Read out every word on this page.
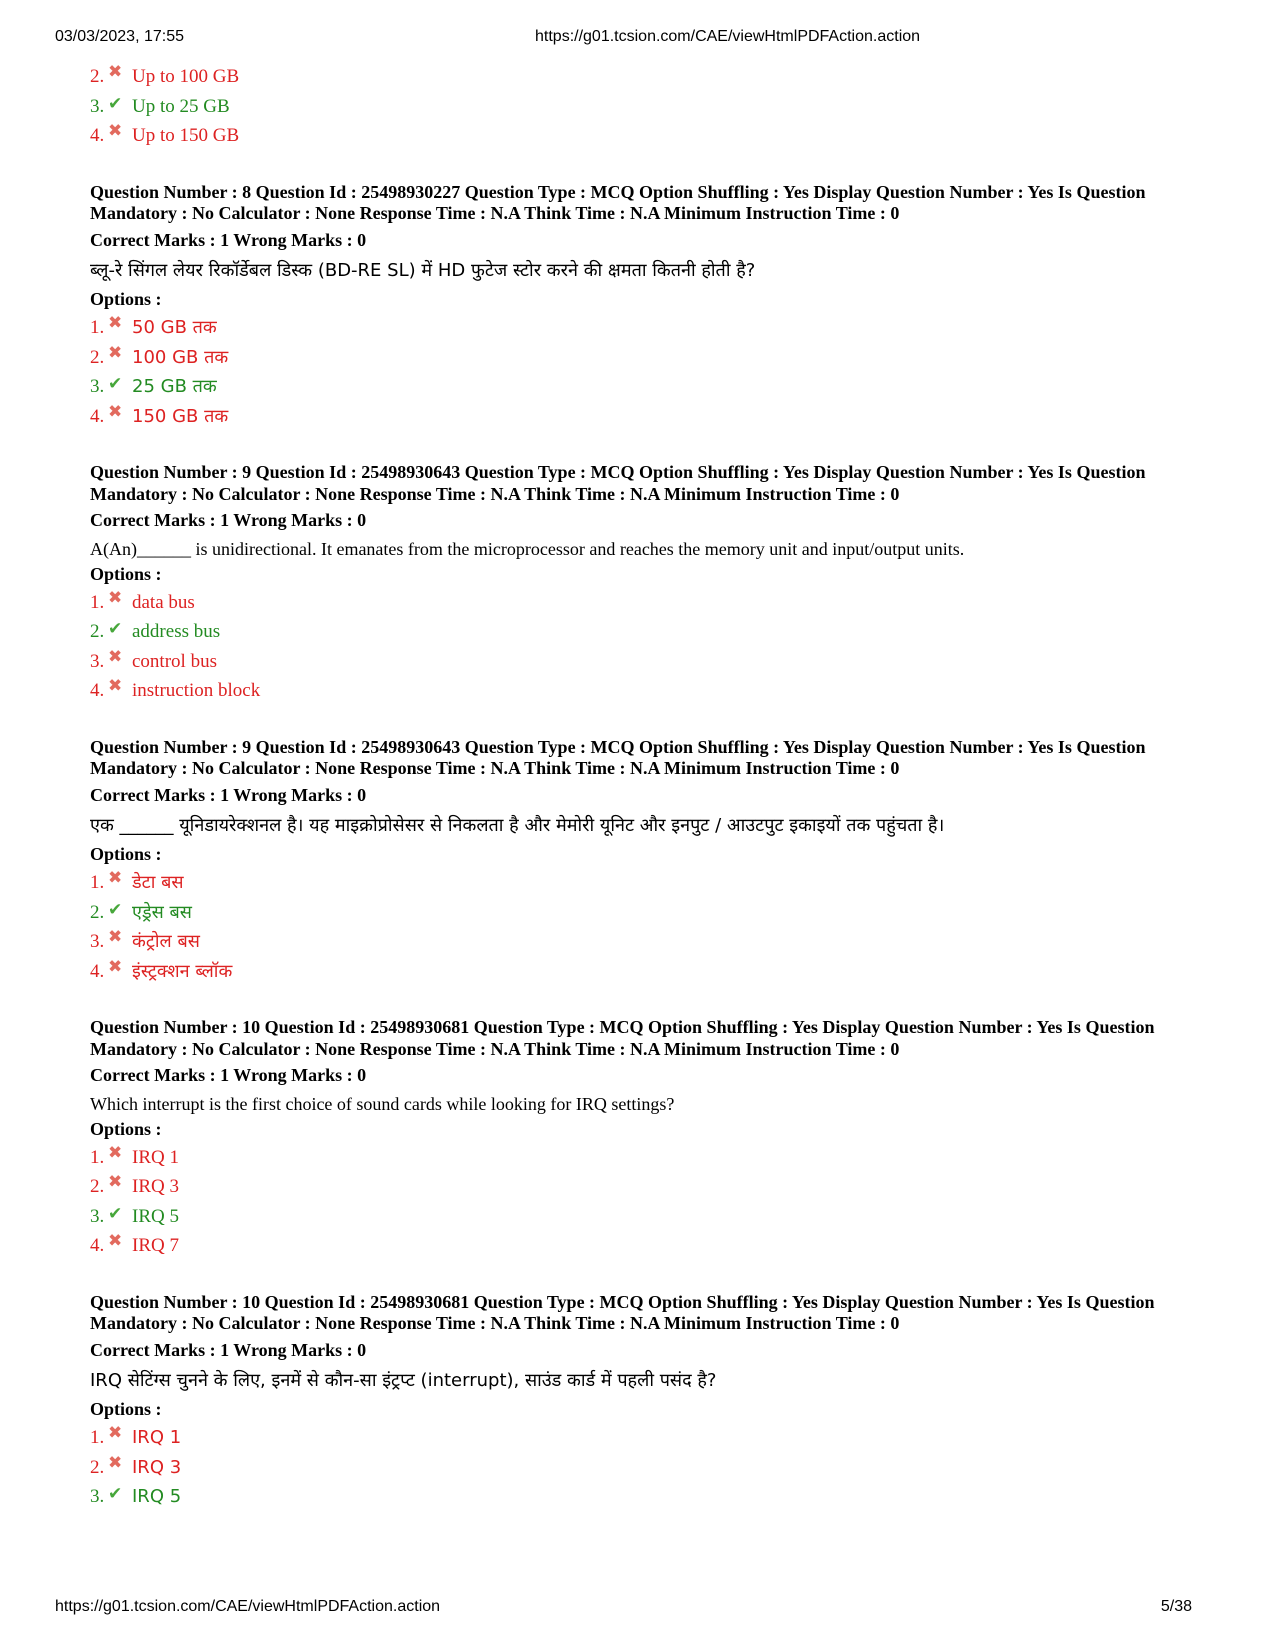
03/03/2023, 17:55	https://g01.tcsion.com/CAE/viewHtmlPDFAction.action
2. ✖ Up to 100 GB
3. ✔ Up to 25 GB
4. ✖ Up to 150 GB
Question Number : 8 Question Id : 25498930227 Question Type : MCQ Option Shuffling : Yes Display Question Number : Yes Is Question Mandatory : No Calculator : None Response Time : N.A Think Time : N.A Minimum Instruction Time : 0
Correct Marks : 1 Wrong Marks : 0
ब्लू-रे सिंगल लेयर रिकॉर्डेबल डिस्क (BD-RE SL) में HD फुटेज स्टोर करने की क्षमता कितनी होती है?
Options :
1. ✖ 50 GB तक
2. ✖ 100 GB तक
3. ✔ 25 GB तक
4. ✖ 150 GB तक
Question Number : 9 Question Id : 25498930643 Question Type : MCQ Option Shuffling : Yes Display Question Number : Yes Is Question Mandatory : No Calculator : None Response Time : N.A Think Time : N.A Minimum Instruction Time : 0
Correct Marks : 1 Wrong Marks : 0
A(An)______ is unidirectional. It emanates from the microprocessor and reaches the memory unit and input/output units.
Options :
1. ✖ data bus
2. ✔ address bus
3. ✖ control bus
4. ✖ instruction block
Question Number : 9 Question Id : 25498930643 Question Type : MCQ Option Shuffling : Yes Display Question Number : Yes Is Question Mandatory : No Calculator : None Response Time : N.A Think Time : N.A Minimum Instruction Time : 0
Correct Marks : 1 Wrong Marks : 0
एक ______ यूनिडायरेक्शनल है। यह माइक्रोप्रोसेसर से निकलता है और मेमोरी यूनिट और इनपुट / आउटपुट इकाइयों तक पहुंचता है।
Options :
1. ✖ डेटा बस
2. ✔ एड्रेस बस
3. ✖ कंट्रोल बस
4. ✖ इंस्ट्रक्शन ब्लॉक
Question Number : 10 Question Id : 25498930681 Question Type : MCQ Option Shuffling : Yes Display Question Number : Yes Is Question Mandatory : No Calculator : None Response Time : N.A Think Time : N.A Minimum Instruction Time : 0
Correct Marks : 1 Wrong Marks : 0
Which interrupt is the first choice of sound cards while looking for IRQ settings?
Options :
1. ✖ IRQ 1
2. ✖ IRQ 3
3. ✔ IRQ 5
4. ✖ IRQ 7
Question Number : 10 Question Id : 25498930681 Question Type : MCQ Option Shuffling : Yes Display Question Number : Yes Is Question Mandatory : No Calculator : None Response Time : N.A Think Time : N.A Minimum Instruction Time : 0
Correct Marks : 1 Wrong Marks : 0
IRQ सेटिंग्स चुनने के लिए, इनमें से कौन-सा इंट्रप्ट (interrupt), साउंड कार्ड में पहली पसंद है?
Options :
1. ✖ IRQ 1
2. ✖ IRQ 3
3. ✔ IRQ 5
https://g01.tcsion.com/CAE/viewHtmlPDFAction.action	5/38
